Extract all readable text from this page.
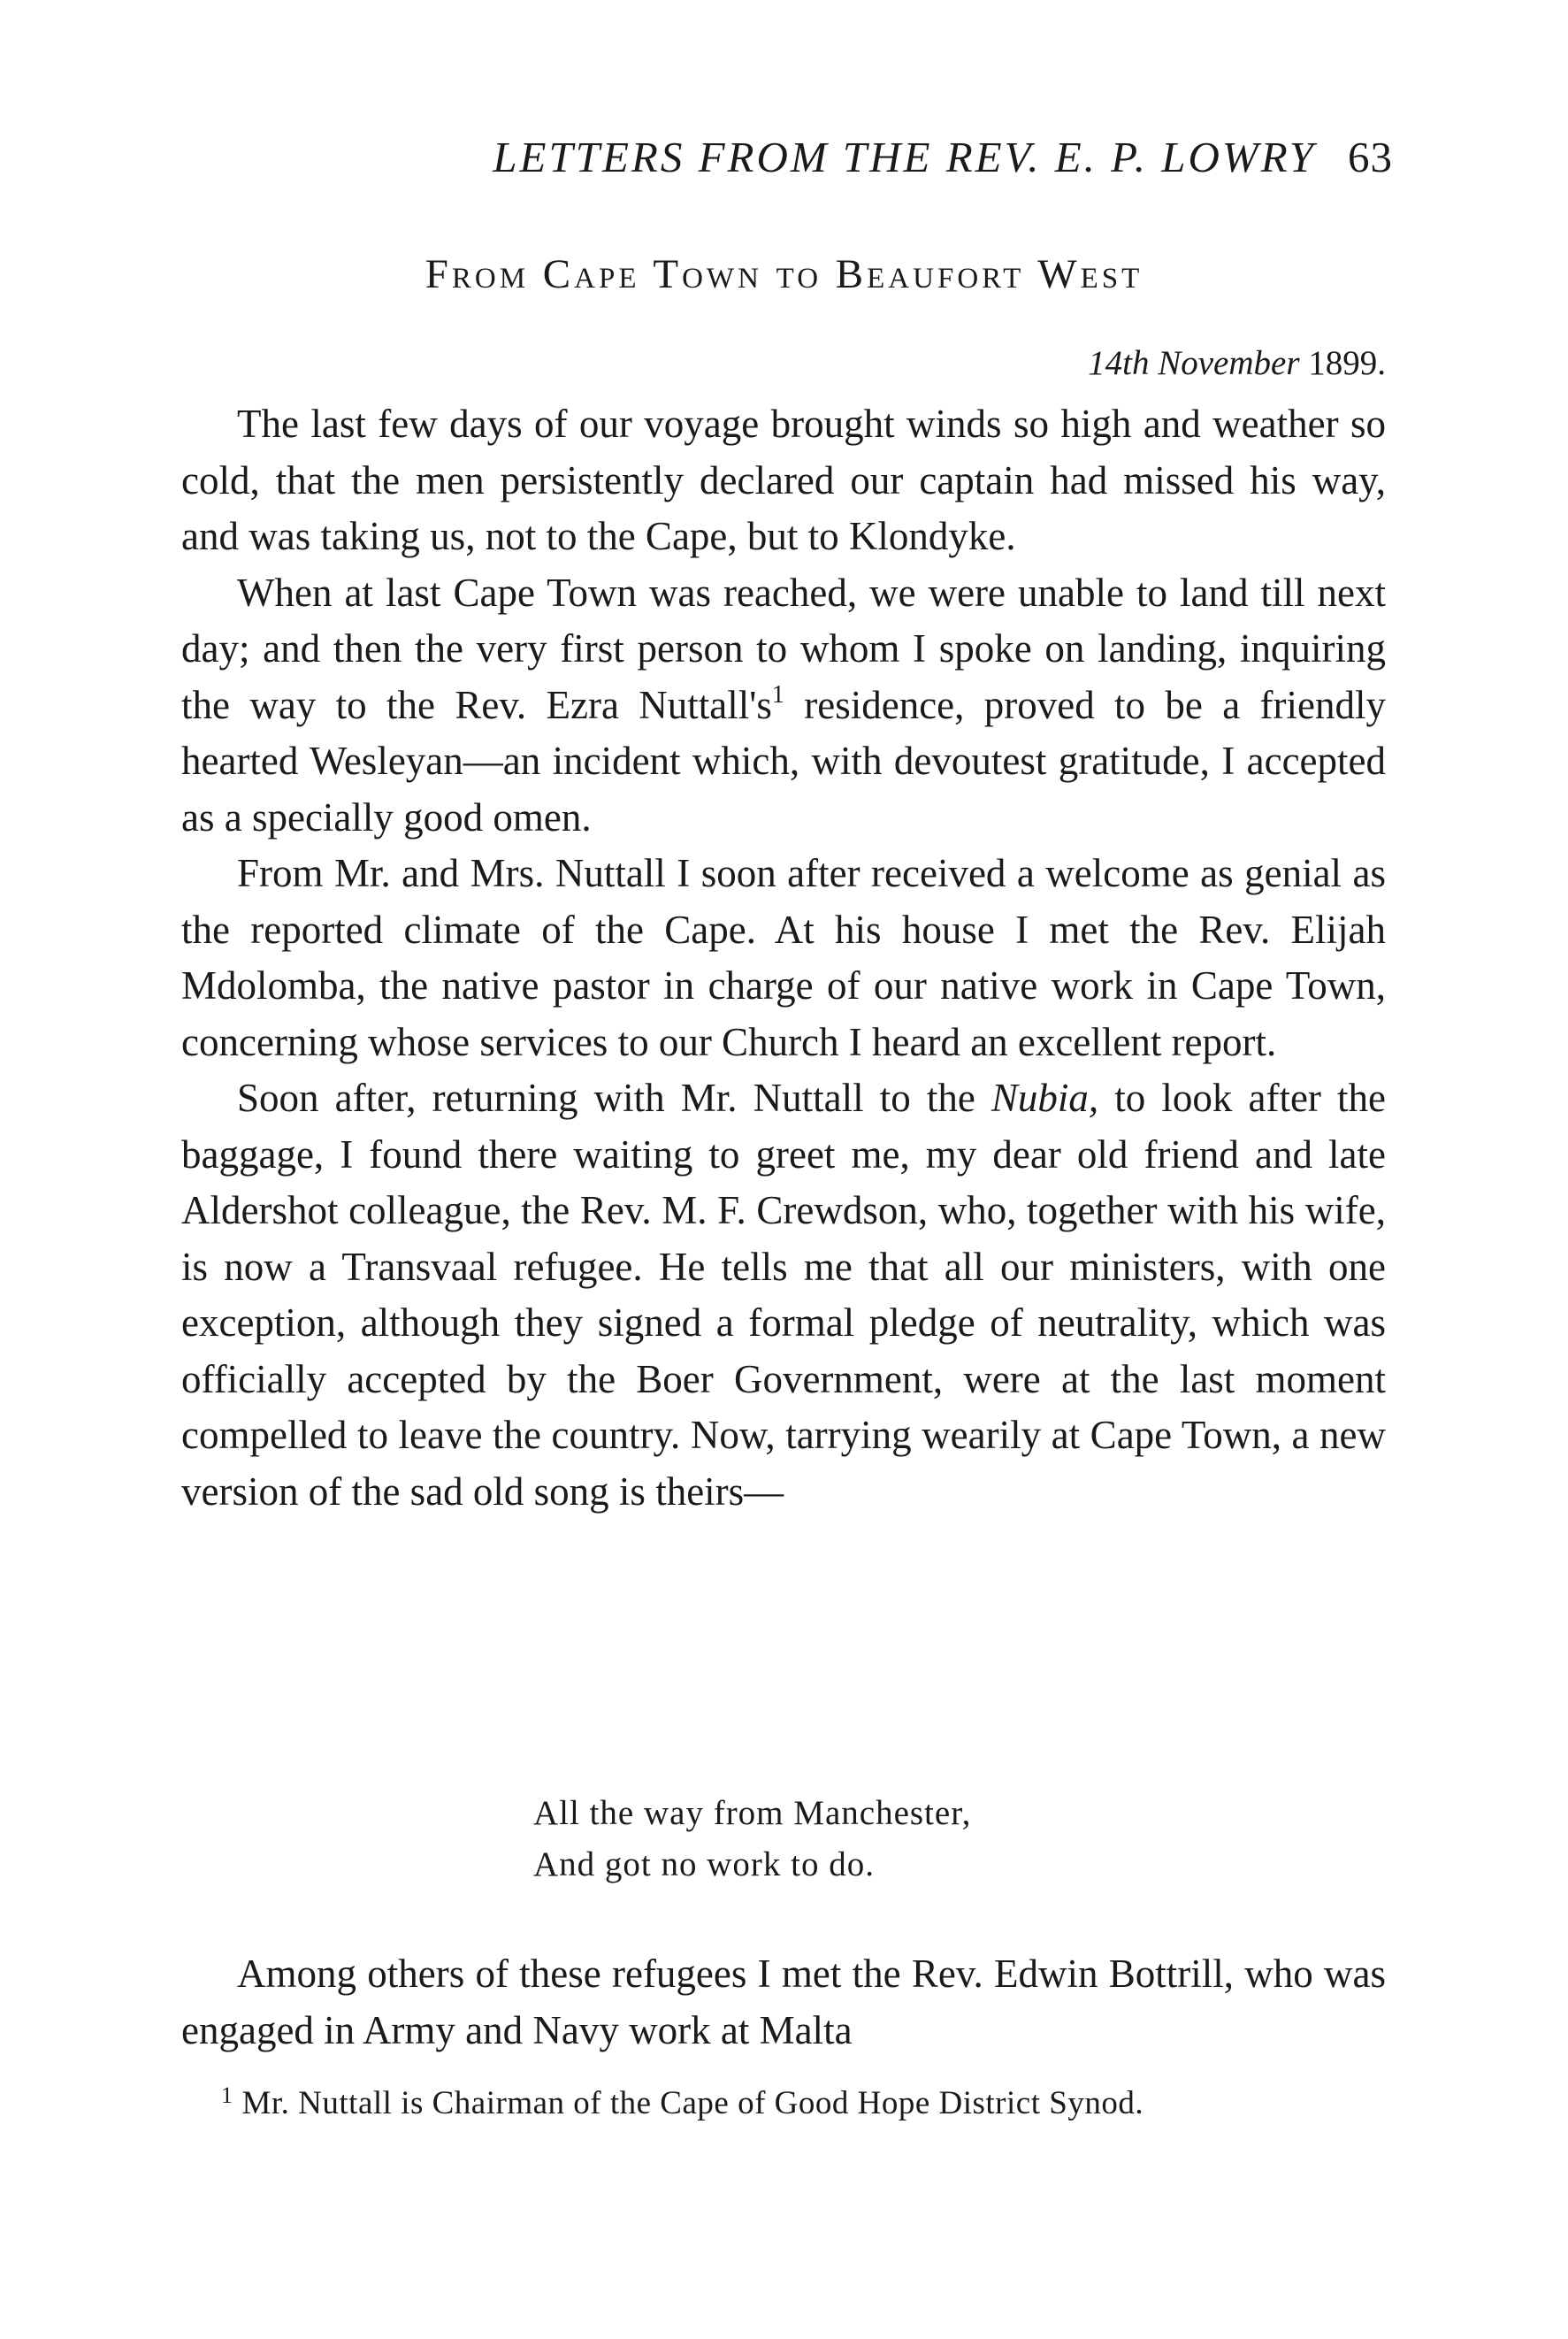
LETTERS FROM THE REV. E. P. LOWRY 63
From Cape Town to Beaufort West
14th November 1899.

The last few days of our voyage brought winds so high and weather so cold, that the men persistently declared our captain had missed his way, and was taking us, not to the Cape, but to Klondyke.

When at last Cape Town was reached, we were unable to land till next day; and then the very first person to whom I spoke on landing, inquiring the way to the Rev. Ezra $Nuttall's^1$ residence, proved to be a friendly hearted Wesleyan—an incident which, with devoutest gratitude, I accepted as a specially good omen.

From Mr. and Mrs. Nuttall I soon after received a welcome as genial as the reported climate of the Cape. At his house I met the Rev. Elijah Mdolomba, the native pastor in charge of our native work in Cape Town, concerning whose services to our Church I heard an excellent report.

Soon after, returning with Mr. Nuttall to the Nubia, to look after the baggage, I found there waiting to greet me, my dear old friend and late Aldershot colleague, the Rev. M. F. Crewdson, who, together with his wife, is now a Transvaal refugee. He tells me that all our ministers, with one exception, although they signed a formal pledge of neutrality, which was officially accepted by the Boer Government, were at the last moment compelled to leave the country. Now, tarrying wearily at Cape Town, a new version of the sad old song is theirs—

All the way from Manchester,
And got no work to do.

Among others of these refugees I met the Rev. Edwin Bottrill, who was engaged in Army and Navy work at Malta

$^1$ Mr. Nuttall is Chairman of the Cape of Good Hope District Synod.
